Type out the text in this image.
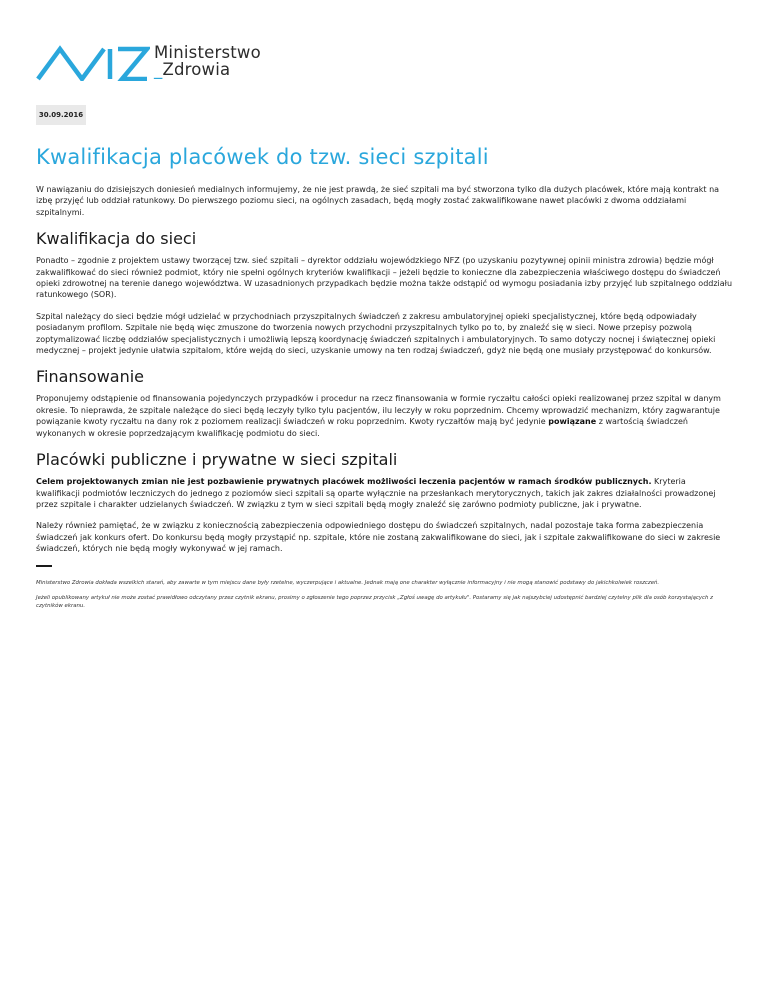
Ministerstwo
_Zdrowia
30.09.2016
Kwalifikacja placówek do tzw. sieci szpitali

W nawiązaniu do dzisiejszych doniesień medialnych informujemy, że nie jest prawdą, że sieć szpitali ma być stworzona tylko dla dużych placówek, które mają kontrakt na izbę przyjęć lub oddział ratunkowy. Do pierwszego poziomu sieci, na ogólnych zasadach, będą mogły zostać zakwalifikowane nawet placówki z dwoma oddziałami szpitalnymi.

Kwalifikacja do sieci

Ponadto – zgodnie z projektem ustawy tworzącej tzw. sieć szpitali – dyrektor oddziału wojewódzkiego NFZ (po uzyskaniu pozytywnej opinii ministra zdrowia) będzie mógł zakwalifikować do sieci również podmiot, który nie spełni ogólnych kryteriów kwalifikacji – jeżeli będzie to konieczne dla zabezpieczenia właściwego dostępu do świadczeń opieki zdrowotnej na terenie danego województwa. W uzasadnionych przypadkach będzie można także odstąpić od wymogu posiadania izby przyjęć lub szpitalnego oddziału ratunkowego (SOR).

Szpital należący do sieci będzie mógł udzielać w przychodniach przyszpitalnych świadczeń z zakresu ambulatoryjnej opieki specjalistycznej, które będą odpowiadały posiadanym profilom. Szpitale nie będą więc zmuszone do tworzenia nowych przychodni przyszpitalnych tylko po to, by znaleźć się w sieci. Nowe przepisy pozwolą zoptymalizować liczbę oddziałów specjalistycznych i umożliwią lepszą koordynację świadczeń szpitalnych i ambulatoryjnych. To samo dotyczy nocnej i świątecznej opieki medycznej – projekt jedynie ułatwia szpitalom, które wejdą do sieci, uzyskanie umowy na ten rodzaj świadczeń, gdyż nie będą one musiały przystępować do konkursów.

Finansowanie

Proponujemy odstąpienie od finansowania pojedynczych przypadków i procedur na rzecz finansowania w formie ryczałtu całości opieki realizowanej przez szpital w danym okresie. To nieprawda, że szpitale należące do sieci będą leczyły tylko tylu pacjentów, ilu leczyły w roku poprzednim. Chcemy wprowadzić mechanizm, który zagwarantuje powiązanie kwoty ryczałtu na dany rok z poziomem realizacji świadczeń w roku poprzednim. Kwoty ryczałtów mają być jedynie powiązane z wartością świadczeń wykonanych w okresie poprzedzającym kwalifikację podmiotu do sieci.

Placówki publiczne i prywatne w sieci szpitali

Celem projektowanych zmian nie jest pozbawienie prywatnych placówek możliwości leczenia pacjentów w ramach środków publicznych. Kryteria kwalifikacji podmiotów leczniczych do jednego z poziomów sieci szpitali są oparte wyłącznie na przesłankach merytorycznych, takich jak zakres działalności prowadzonej przez szpitale i charakter udzielanych świadczeń. W związku z tym w sieci szpitali będą mogły znaleźć się zarówno podmioty publiczne, jak i prywatne.

Należy również pamiętać, że w związku z koniecznością zabezpieczenia odpowiedniego dostępu do świadczeń szpitalnych, nadal pozostaje taka forma zabezpieczenia świadczeń jak konkurs ofert. Do konkursu będą mogły przystąpić np. szpitale, które nie zostaną zakwalifikowane do sieci, jak i szpitale zakwalifikowane do sieci w zakresie świadczeń, których nie będą mogły wykonywać w jej ramach.

Ministerstwo Zdrowia dokłada wszelkich starań, aby zawarte w tym miejscu dane były rzetelne, wyczerpujące i aktualne. Jednak mają one charakter wyłącznie informacyjny i nie mogą stanowić podstawy do jakichkolwiek roszczeń.

Jeżeli opublikowany artykuł nie może zostać prawidłowo odczytany przez czytnik ekranu, prosimy o zgłoszenie tego poprzez przycisk „Zgłoś uwagę do artykułu". Postaramy się jak najszybciej udostępnić bardziej czytelny plik dla osób korzystających z czytników ekranu.
